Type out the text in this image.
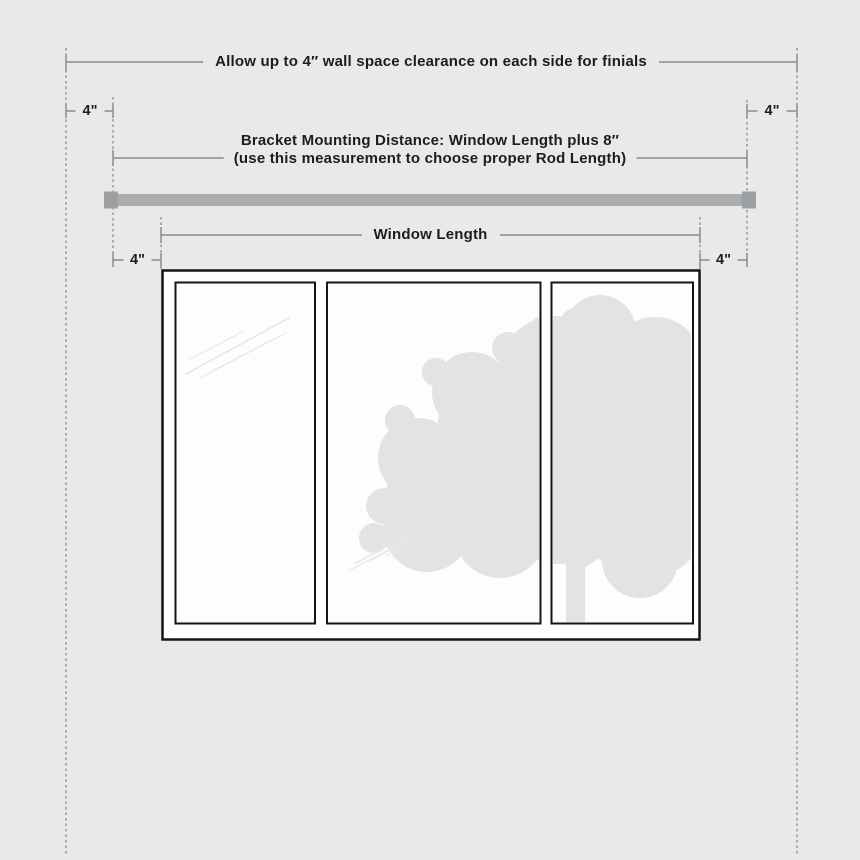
Allow up to 4″ wall space clearance on each side for finials
4"	4"
Bracket Mounting Distance: Window Length plus 8″
(use this measurement to choose proper Rod Length)
Window Length
4"	4"
